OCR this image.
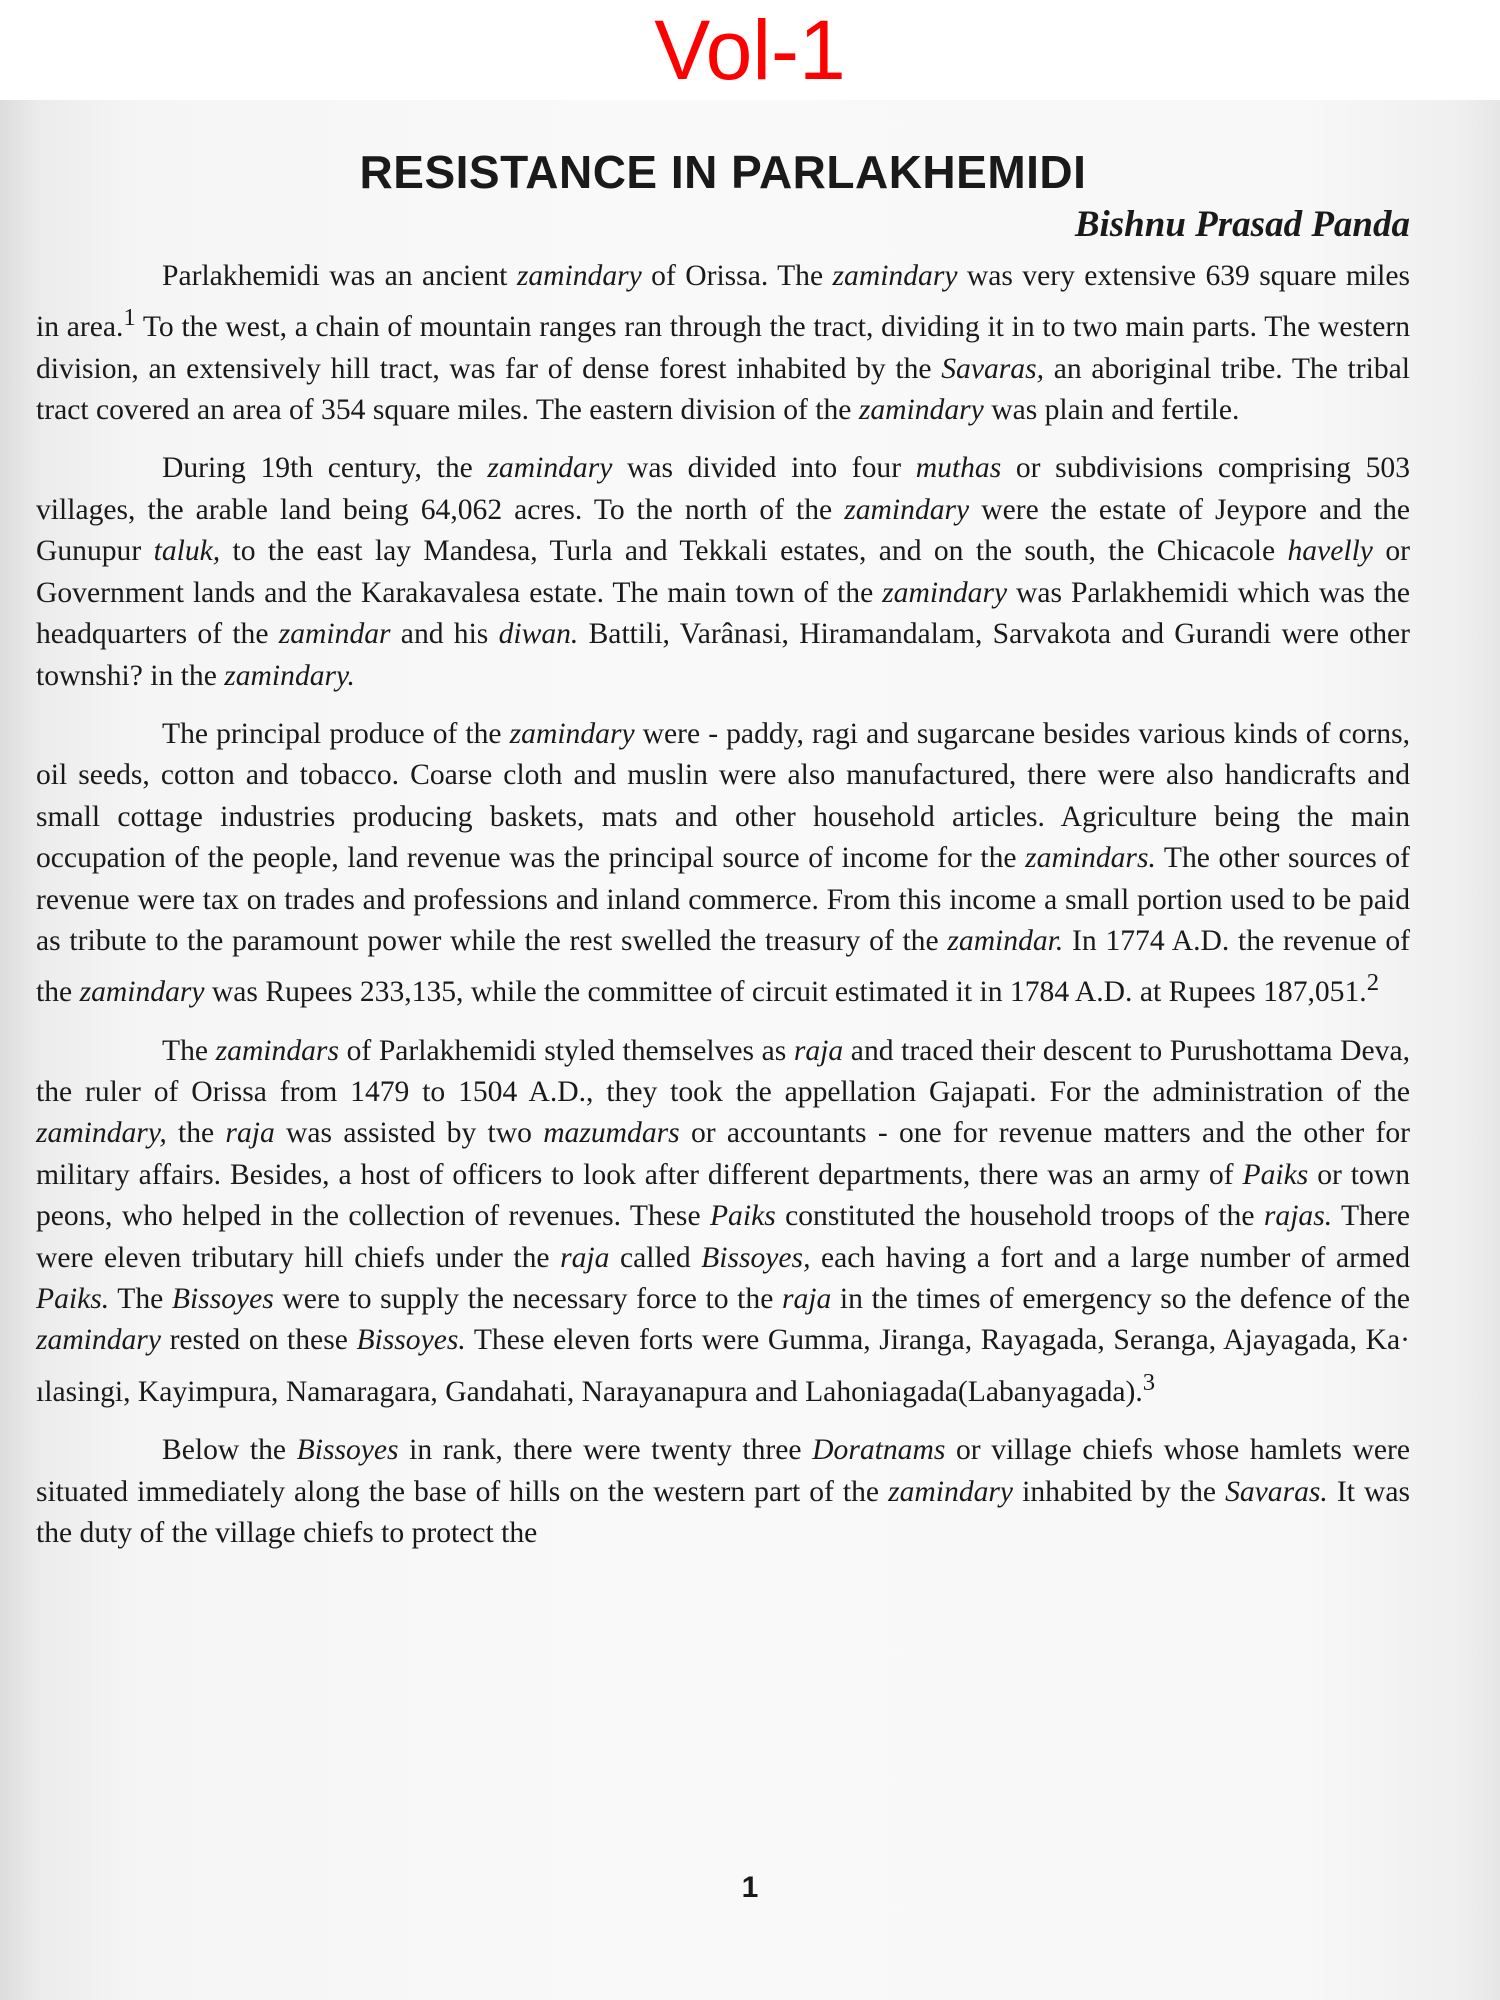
Vol-1
RESISTANCE IN PARLAKHEMIDI
Bishnu Prasad Panda

Parlakhemidi was an ancient zamindary of Orissa. The zamindary was very extensive 639 square miles in area.$^1$ To the west, a chain of mountain ranges ran through the tract, dividing it in to two main parts. The western division, an extensively hill tract, was far of dense forest inhabited by the Savaras, an aboriginal tribe. The tribal tract covered an area of 354 square miles. The eastern division of the zamindary was plain and fertile.

During 19th century, the zamindary was divided into four muthas or subdivisions comprising 503 villages, the arable land being 64,062 acres. To the north of the zamindary were the estate of Jeypore and the Gunupur taluk, to the east lay Mandesa, Turla and Tekkali estates, and on the south, the Chicacole havelly or Government lands and the Karakavalesa estate. The main town of the zamindary was Parlakhemidi which was the headquarters of the zamindar and his diwan. Battili, Varânasi, Hiramandalam, Sarvakota and Gurandi were other townshi? in the zamindary.

The principal produce of the zamindary were - paddy, ragi and sugarcane besides various kinds of corns, oil seeds, cotton and tobacco. Coarse cloth and muslin were also manufactured, there were also handicrafts and small cottage industries producing baskets, mats and other household articles. Agriculture being the main occupation of the people, land revenue was the principal source of income for the zamindars. The other sources of revenue were tax on trades and professions and inland commerce. From this income a small portion used to be paid as tribute to the paramount power while the rest swelled the treasury of the zamindar. In 1774 A.D. the revenue of the zamindary was Rupees 233,135, while the committee of circuit estimated it in 1784 A.D. at Rupees 187,051.$^2$

The zamindars of Parlakhemidi styled themselves as raja and traced their descent to Purushottama Deva, the ruler of Orissa from 1479 to 1504 A.D., they took the appellation Gajapati. For the administration of the zamindary, the raja was assisted by two mazumdars or accountants - one for revenue matters and the other for military affairs. Besides, a host of officers to look after different departments, there was an army of Paiks or town peons, who helped in the collection of revenues. These Paiks constituted the household troops of the rajas. There were eleven tributary hill chiefs under the raja called Bissoyes, each having a fort and a large number of armed Paiks. The Bissoyes were to supply the necessary force to the raja in the times of emergency so the defence of the zamindary rested on these Bissoyes. These eleven forts were Gumma, Jiranga, Rayagada, Seranga, Ajayagada, Ka· ılasingi, Kayimpura, Namaragara, Gandahati, Narayanapura and Lahoniagada(Labanyagada).$^3$

Below the Bissoyes in rank, there were twenty three Doratnams or village chiefs whose hamlets were situated immediately along the base of hills on the western part of the zamindary inhabited by the Savaras. It was the duty of the village chiefs to protect the

1
